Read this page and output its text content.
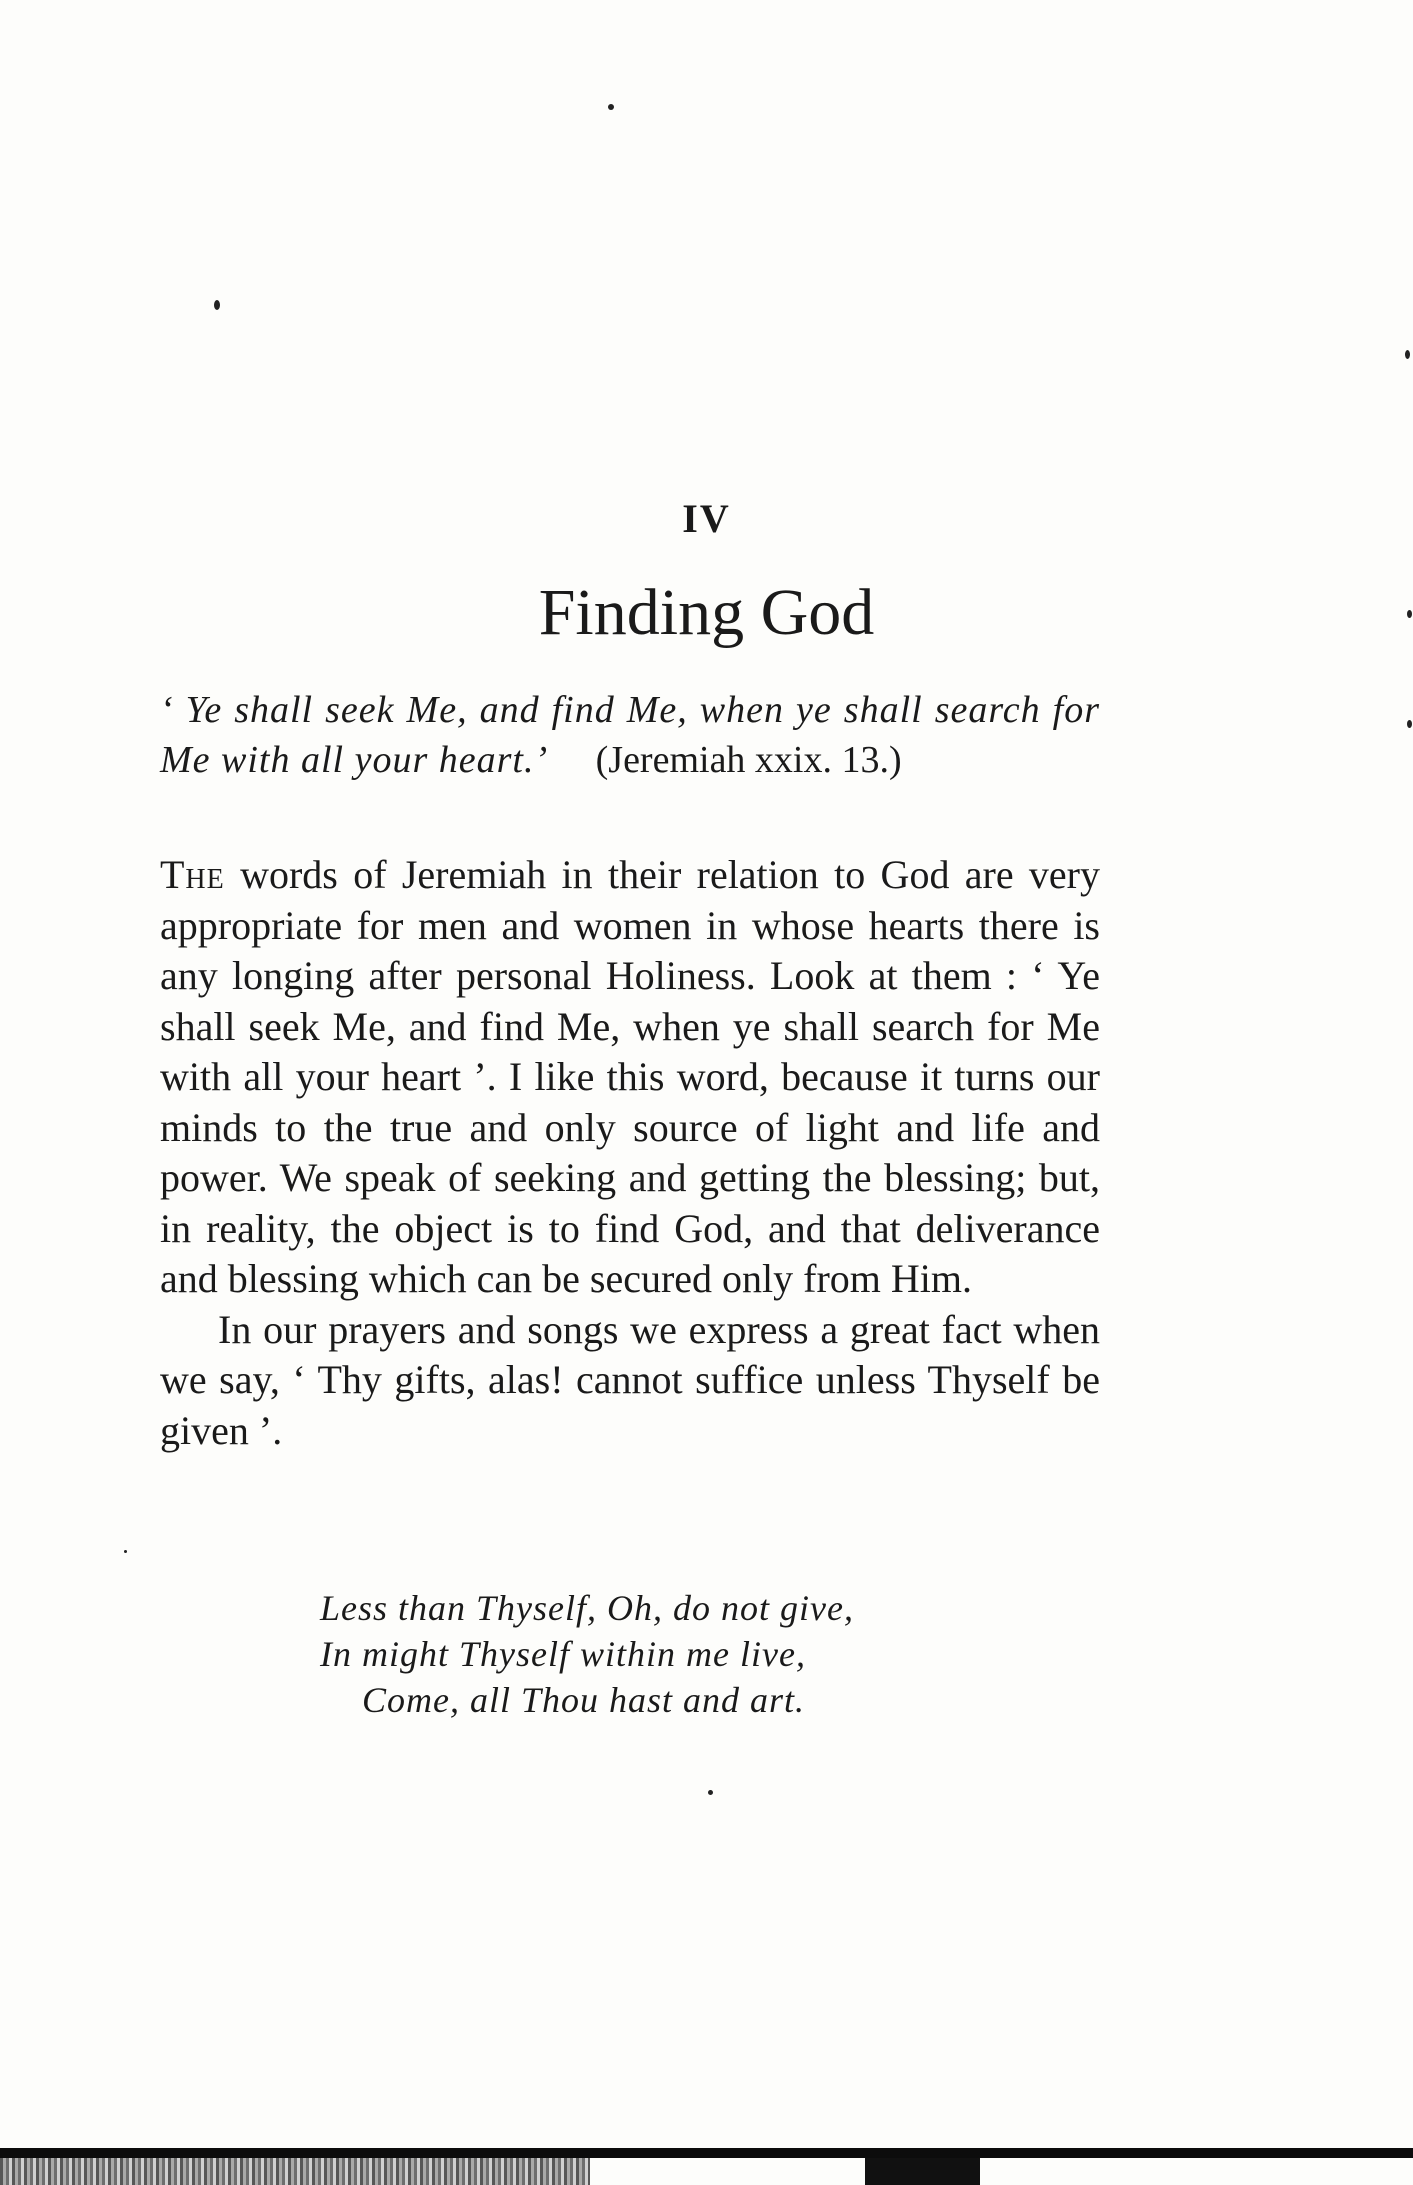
IV
Finding God
‘ Ye shall seek Me, and find Me, when ye shall search for Me with all your heart.’ (Jeremiah xxix. 13.)

The words of Jeremiah in their relation to God are very appropriate for men and women in whose hearts there is any longing after personal Holiness. Look at them : ‘ Ye shall seek Me, and find Me, when ye shall search for Me with all your heart ’. I like this word, because it turns our minds to the true and only source of light and life and power. We speak of seeking and getting the blessing; but, in reality, the object is to find God, and that deliverance and blessing which can be secured only from Him.

In our prayers and songs we express a great fact when we say, ‘ Thy gifts, alas! cannot suffice unless Thyself be given ’.

Less than Thyself, Oh, do not give,
In might Thyself within me live,
Come, all Thou hast and art.
